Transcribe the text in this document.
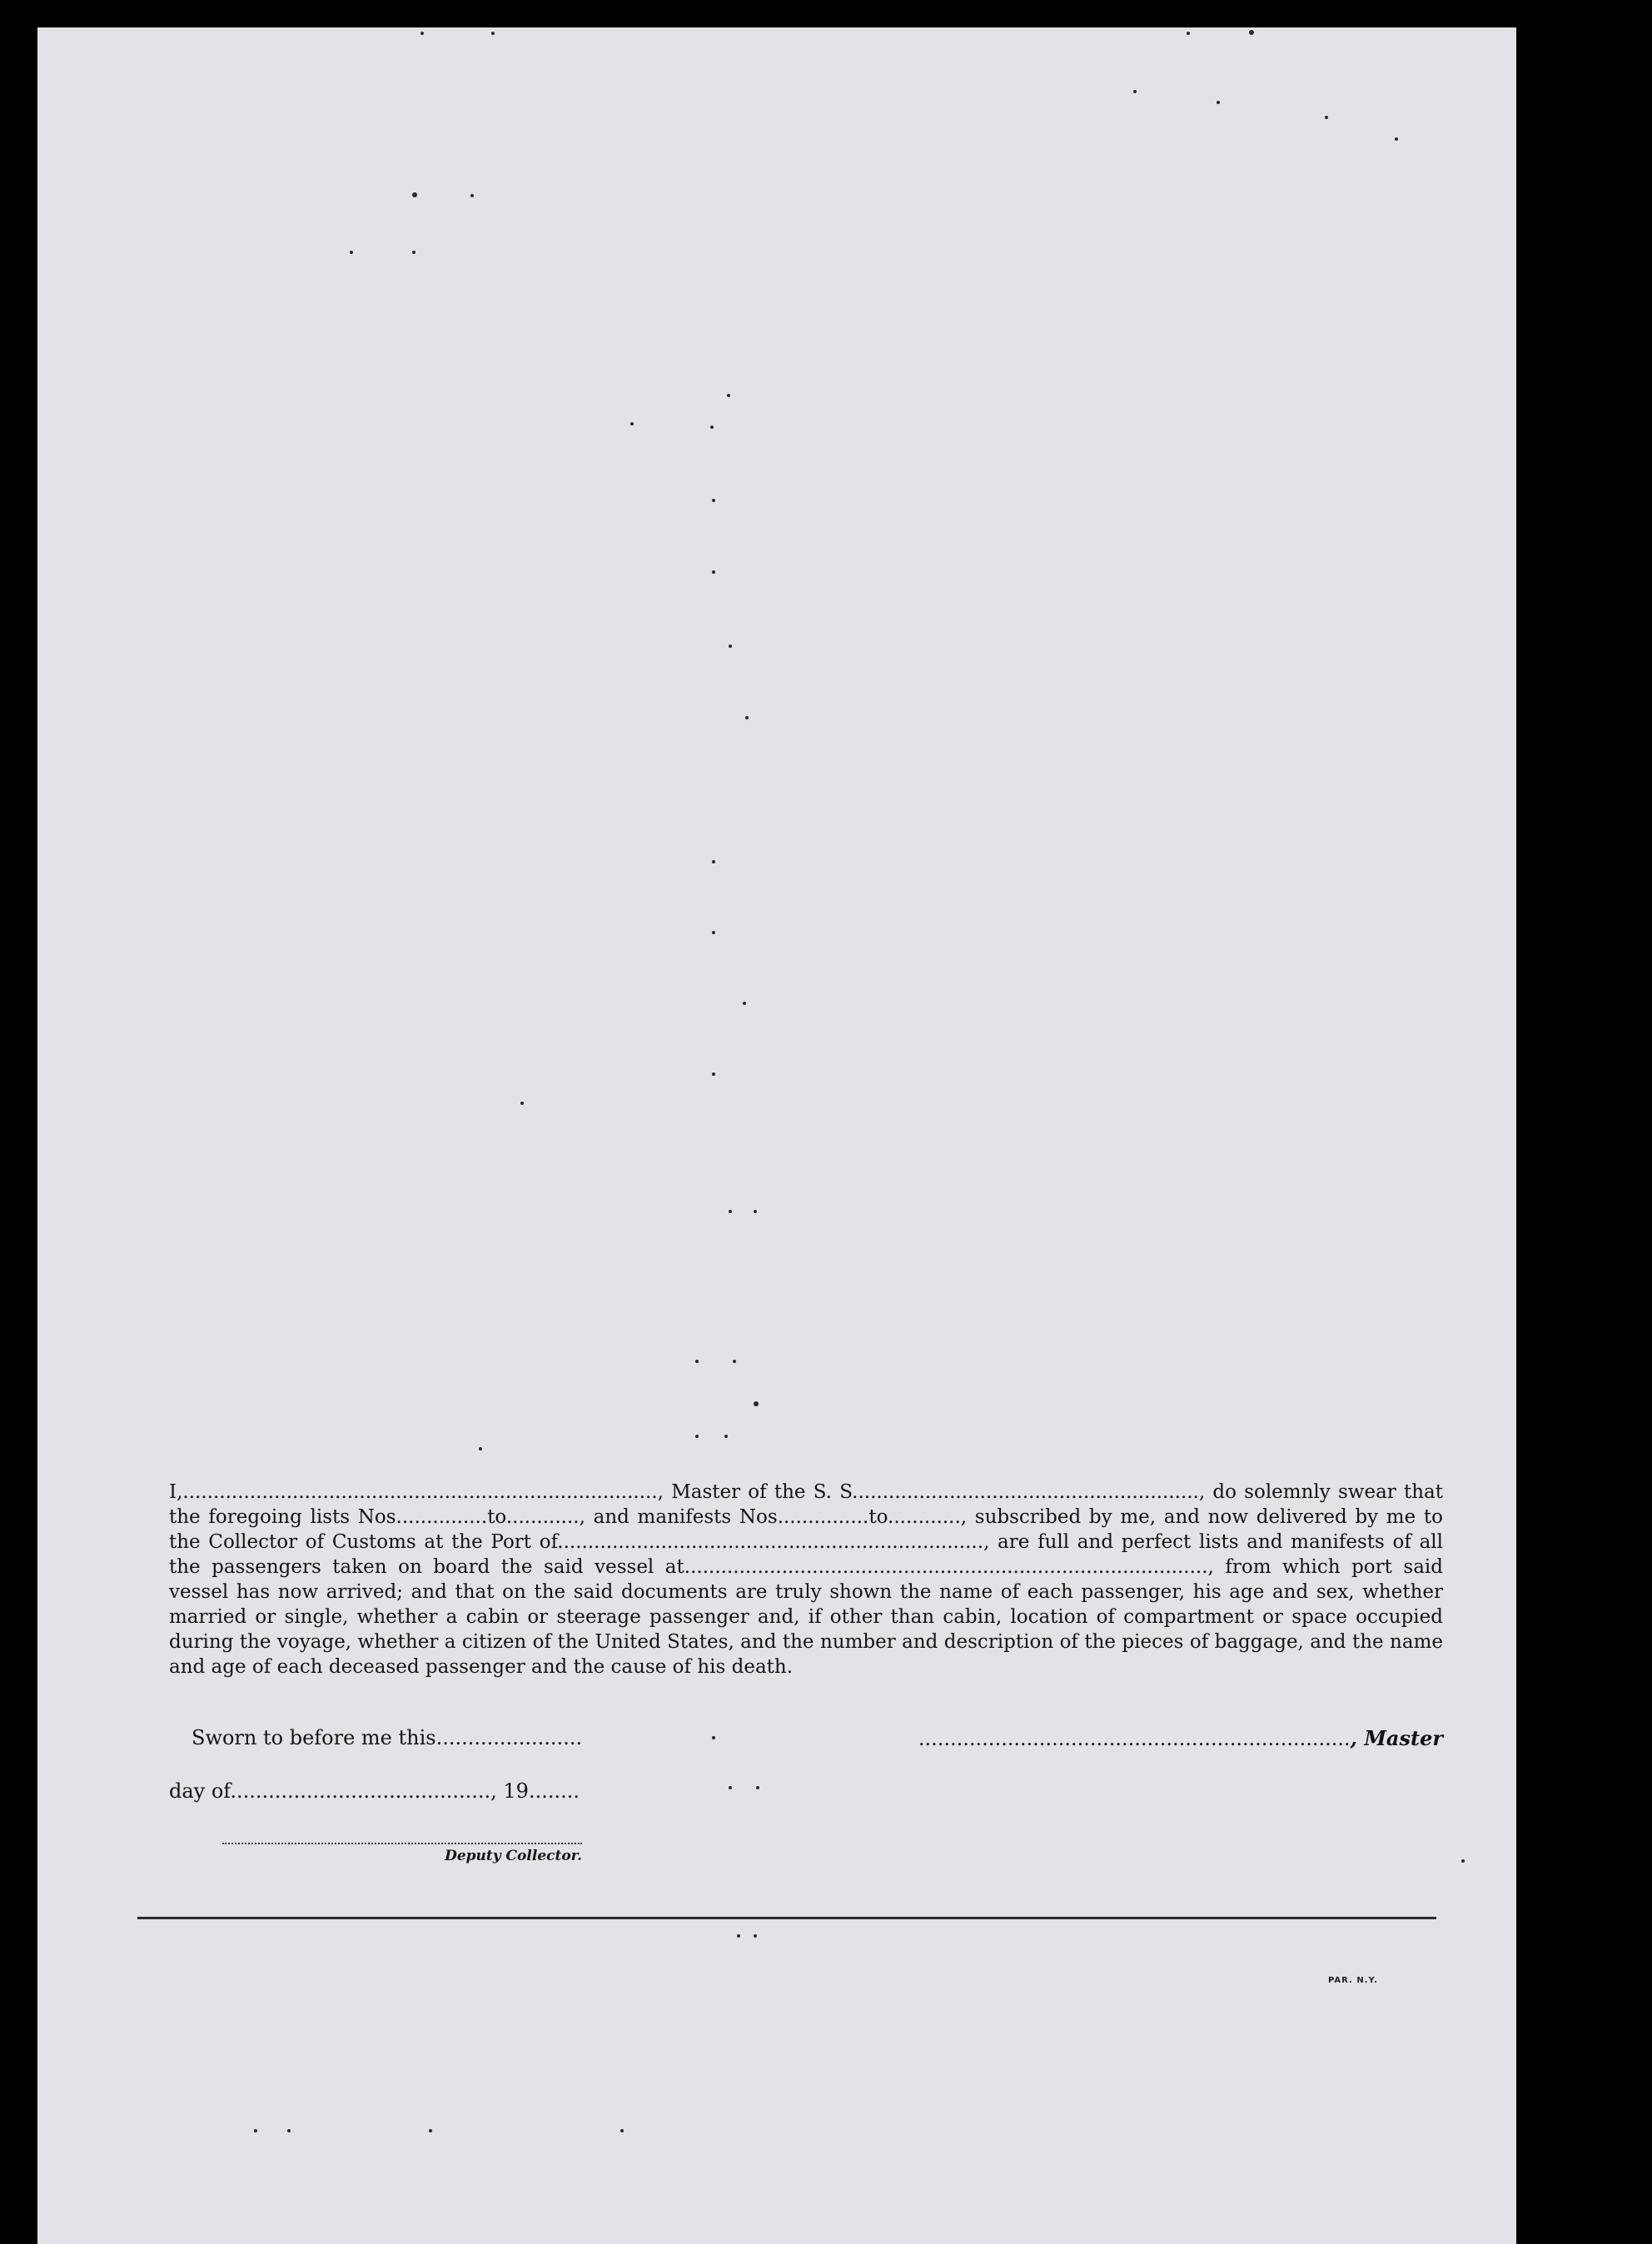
I,.............................................................................., Master of the S. S........................................................., do solemnly swear that the foregoing lists Nos...............to............, and manifests Nos...............to............, subscribed by me, and now delivered by me to the Collector of Customs at the Port of......................................................................, are full and perfect lists and manifests of all the passengers taken on board the said vessel at......................................................................................, from which port said vessel has now arrived; and that on the said documents are truly shown the name of each passenger, his age and sex, whether married or single, whether a cabin or steerage passenger and, if other than cabin, location of compartment or space occupied during the voyage, whether a citizen of the United States, and the number and description of the pieces of baggage, and the name and age of each deceased passenger and the cause of his death.
Sworn to before me this.......................	...................................................................., Master
day of........................................., 19........
Deputy Collector.
PAR. N.Y.
